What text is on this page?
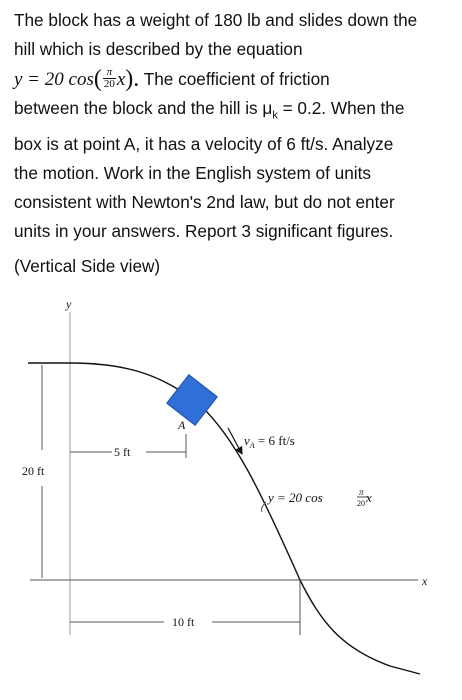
The block has a weight of 180 lb and slides down the
hill which is described by the equation
y = 20 $\cos( \frac{\pi}{20} x)$. The coefficient of friction
between the block and the hill is $\mu_k = 0.2$. When the
box is at point A, it has a velocity of 6 ft/s. Analyze
the motion. Work in the English system of units
consistent with Newton's 2nd law, but do not enter
units in your answers. Report 3 significant figures.

(Vertical Side view)

y
x
A
5 ft
20 ft
$v_A = 6$ ft/s
y = 20 cos	π
20 x
10 ft
